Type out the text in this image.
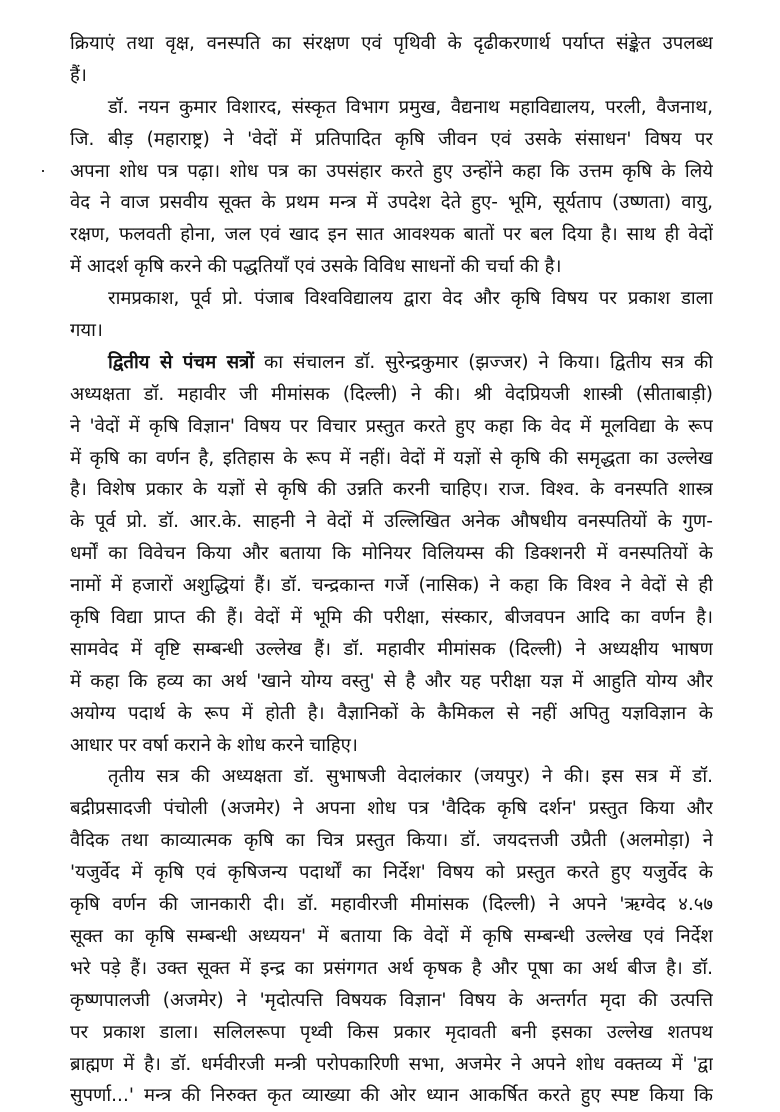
क्रियाएं तथा वृक्ष, वनस्पति का संरक्षण एवं पृथिवी के दृढीकरणार्थ पर्याप्त संङ्केत उपलब्ध
हैं।
डॉ. नयन कुमार विशारद, संस्कृत विभाग प्रमुख, वैद्यनाथ महाविद्यालय, परली, वैजनाथ,
जि. बीड़ (महाराष्ट्र) ने 'वेदों में प्रतिपादित कृषि जीवन एवं उसके संसाधन' विषय पर
अपना शोध पत्र पढ़ा। शोध पत्र का उपसंहार करते हुए उन्होंने कहा कि उत्तम कृषि के लिये
वेद ने वाज प्रसवीय सूक्त के प्रथम मन्त्र में उपदेश देते हुए- भूमि, सूर्यताप (उष्णता) वायु,
रक्षण, फलवती होना, जल एवं खाद इन सात आवश्यक बातों पर बल दिया है। साथ ही वेदों
में आदर्श कृषि करने की पद्धतियाँ एवं उसके विविध साधनों की चर्चा की है।
रामप्रकाश, पूर्व प्रो. पंजाब विश्वविद्यालय द्वारा वेद और कृषि विषय पर प्रकाश डाला
गया।
द्वितीय से पंचम सत्रों का संचालन डॉ. सुरेन्द्रकुमार (झज्जर) ने किया। द्वितीय सत्र की
अध्यक्षता डॉ. महावीर जी मीमांसक (दिल्ली) ने की। श्री वेदप्रियजी शास्त्री (सीताबाड़ी)
ने 'वेदों में कृषि विज्ञान' विषय पर विचार प्रस्तुत करते हुए कहा कि वेद में मूलविद्या के रूप
में कृषि का वर्णन है, इतिहास के रूप में नहीं। वेदों में यज्ञों से कृषि की समृद्धता का उल्लेख
है। विशेष प्रकार के यज्ञों से कृषि की उन्नति करनी चाहिए। राज. विश्व. के वनस्पति शास्त्र
के पूर्व प्रो. डॉ. आर.के. साहनी ने वेदों में उल्लिखित अनेक औषधीय वनस्पतियों के गुण-
धर्मों का विवेचन किया और बताया कि मोनियर विलियम्स की डिक्शनरी में वनस्पतियों के
नामों में हजारों अशुद्धियां हैं। डॉ. चन्द्रकान्त गर्जे (नासिक) ने कहा कि विश्व ने वेदों से ही
कृषि विद्या प्राप्त की हैं। वेदों में भूमि की परीक्षा, संस्कार, बीजवपन आदि का वर्णन है।
सामवेद में वृष्टि सम्बन्धी उल्लेख हैं। डॉ. महावीर मीमांसक (दिल्ली) ने अध्यक्षीय भाषण
में कहा कि हव्य का अर्थ 'खाने योग्य वस्तु' से है और यह परीक्षा यज्ञ में आहुति योग्य और
अयोग्य पदार्थ के रूप में होती है। वैज्ञानिकों के कैमिकल से नहीं अपितु यज्ञविज्ञान के
आधार पर वर्षा कराने के शोध करने चाहिए।
तृतीय सत्र की अध्यक्षता डॉ. सुभाषजी वेदालंकार (जयपुर) ने की। इस सत्र में डॉ.
बद्रीप्रसादजी पंचोली (अजमेर) ने अपना शोध पत्र 'वैदिक कृषि दर्शन' प्रस्तुत किया और
वैदिक तथा काव्यात्मक कृषि का चित्र प्रस्तुत किया। डॉ. जयदत्तजी उप्रैती (अलमोड़ा) ने
'यजुर्वेद में कृषि एवं कृषिजन्य पदार्थों का निर्देश' विषय को प्रस्तुत करते हुए यजुर्वेद के
कृषि वर्णन की जानकारी दी। डॉ. महावीरजी मीमांसक (दिल्ली) ने अपने 'ऋग्वेद ४.५७
सूक्त का कृषि सम्बन्धी अध्ययन' में बताया कि वेदों में कृषि सम्बन्धी उल्लेख एवं निर्देश
भरे पड़े हैं। उक्त सूक्त में इन्द्र का प्रसंगगत अर्थ कृषक है और पूषा का अर्थ बीज है। डॉ.
कृष्णपालजी (अजमेर) ने 'मृदोत्पत्ति विषयक विज्ञान' विषय के अन्तर्गत मृदा की उत्पत्ति
पर प्रकाश डाला। सलिलरूपा पृथ्वी किस प्रकार मृदावती बनी इसका उल्लेख शतपथ
ब्राह्मण में है। डॉ. धर्मवीरजी मन्त्री परोपकारिणी सभा, अजमेर ने अपने शोध वक्तव्य में 'द्वा
सुपर्णा...' मन्त्र की निरुक्त कृत व्याख्या की ओर ध्यान आकर्षित करते हुए स्पष्ट किया कि
